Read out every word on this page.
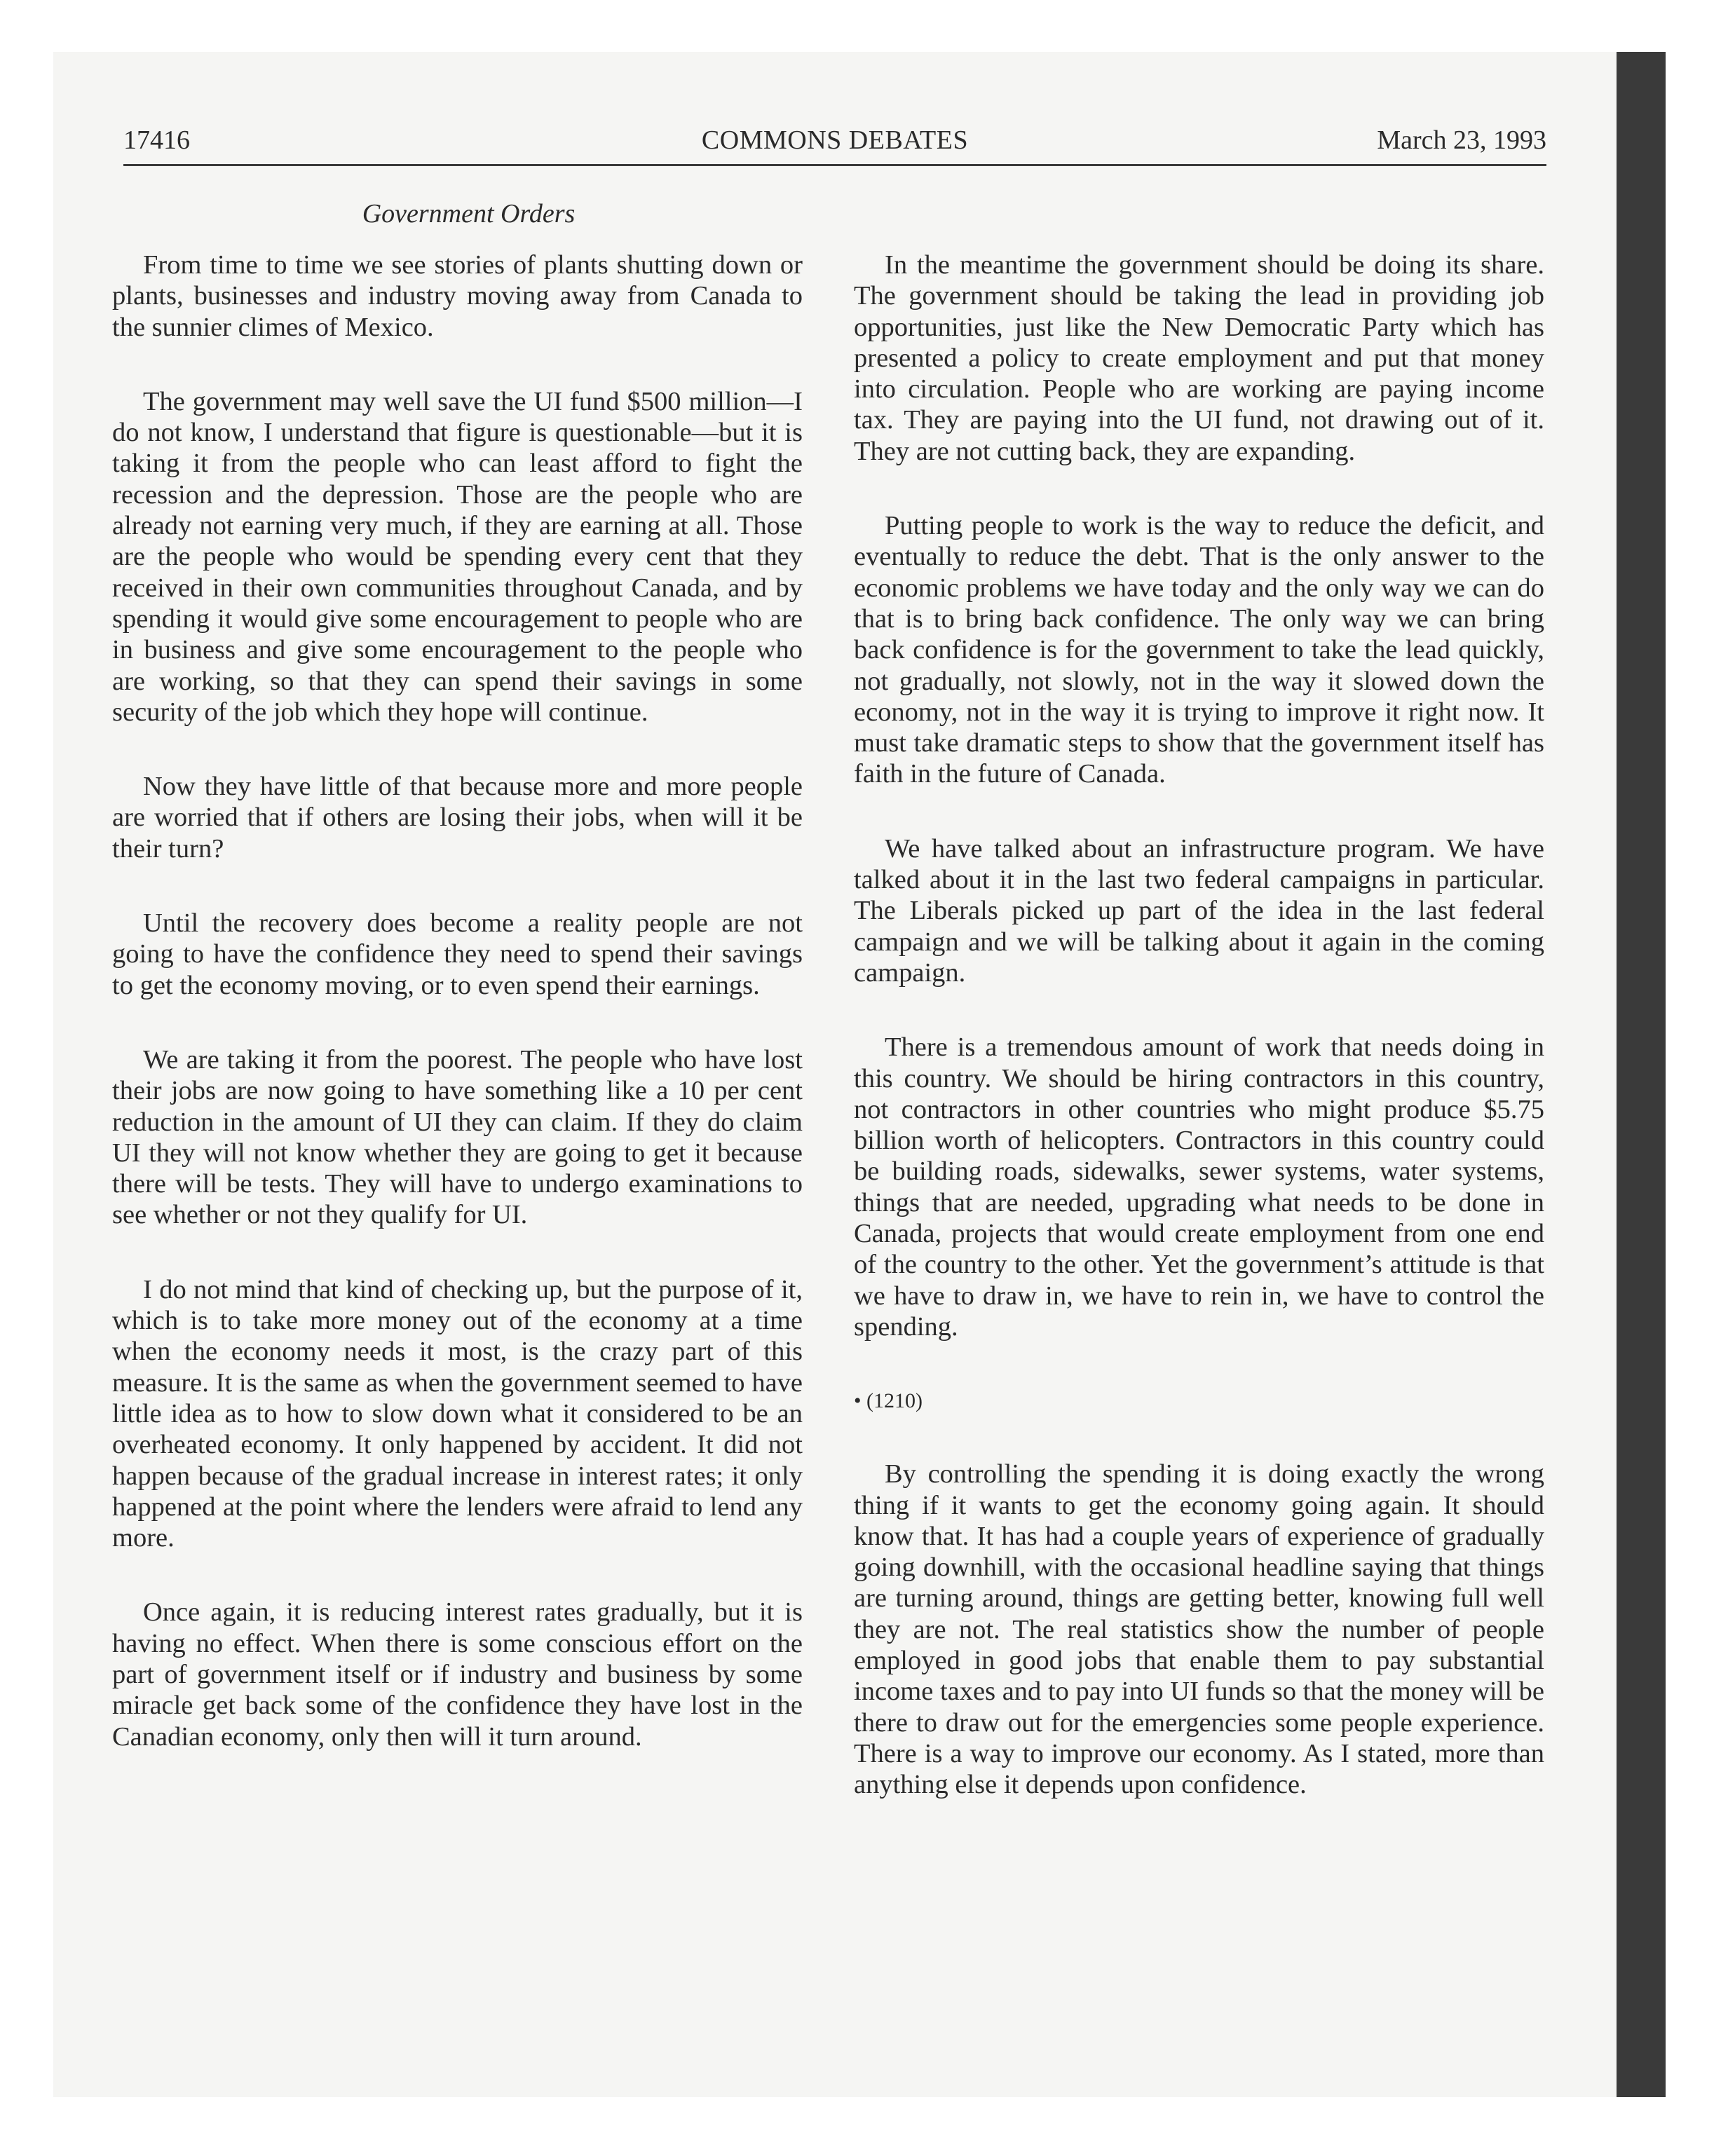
17416	COMMONS DEBATES	March 23, 1993
Government Orders

From time to time we see stories of plants shutting down or plants, businesses and industry moving away from Canada to the sunnier climes of Mexico.

The government may well save the UI fund $500 million—I do not know, I understand that figure is questionable—but it is taking it from the people who can least afford to fight the recession and the depression. Those are the people who are already not earning very much, if they are earning at all. Those are the people who would be spending every cent that they received in their own communities throughout Canada, and by spending it would give some encouragement to people who are in business and give some encouragement to the people who are working, so that they can spend their savings in some security of the job which they hope will continue.

Now they have little of that because more and more people are worried that if others are losing their jobs, when will it be their turn?

Until the recovery does become a reality people are not going to have the confidence they need to spend their savings to get the economy moving, or to even spend their earnings.

We are taking it from the poorest. The people who have lost their jobs are now going to have something like a 10 per cent reduction in the amount of UI they can claim. If they do claim UI they will not know whether they are going to get it because there will be tests. They will have to undergo examinations to see whether or not they qualify for UI.

I do not mind that kind of checking up, but the purpose of it, which is to take more money out of the economy at a time when the economy needs it most, is the crazy part of this measure. It is the same as when the government seemed to have little idea as to how to slow down what it considered to be an overheated economy. It only happened by accident. It did not happen because of the gradual increase in interest rates; it only happened at the point where the lenders were afraid to lend any more.

Once again, it is reducing interest rates gradually, but it is having no effect. When there is some conscious effort on the part of government itself or if industry and business by some miracle get back some of the confidence they have lost in the Canadian economy, only then will it turn around.

In the meantime the government should be doing its share. The government should be taking the lead in providing job opportunities, just like the New Democratic Party which has presented a policy to create employment and put that money into circulation. People who are working are paying income tax. They are paying into the UI fund, not drawing out of it. They are not cutting back, they are expanding.

Putting people to work is the way to reduce the deficit, and eventually to reduce the debt. That is the only answer to the economic problems we have today and the only way we can do that is to bring back confidence. The only way we can bring back confidence is for the government to take the lead quickly, not gradually, not slowly, not in the way it slowed down the economy, not in the way it is trying to improve it right now. It must take dramatic steps to show that the government itself has faith in the future of Canada.

We have talked about an infrastructure program. We have talked about it in the last two federal campaigns in particular. The Liberals picked up part of the idea in the last federal campaign and we will be talking about it again in the coming campaign.

There is a tremendous amount of work that needs doing in this country. We should be hiring contractors in this country, not contractors in other countries who might produce $5.75 billion worth of helicopters. Contractors in this country could be building roads, sidewalks, sewer systems, water systems, things that are needed, upgrading what needs to be done in Canada, projects that would create employment from one end of the country to the other. Yet the government’s attitude is that we have to draw in, we have to rein in, we have to control the spending.

• (1210)

By controlling the spending it is doing exactly the wrong thing if it wants to get the economy going again. It should know that. It has had a couple years of experience of gradually going downhill, with the occasional headline saying that things are turning around, things are getting better, knowing full well they are not. The real statistics show the number of people employed in good jobs that enable them to pay substantial income taxes and to pay into UI funds so that the money will be there to draw out for the emergencies some people experience. There is a way to improve our economy. As I stated, more than anything else it depends upon confidence.
